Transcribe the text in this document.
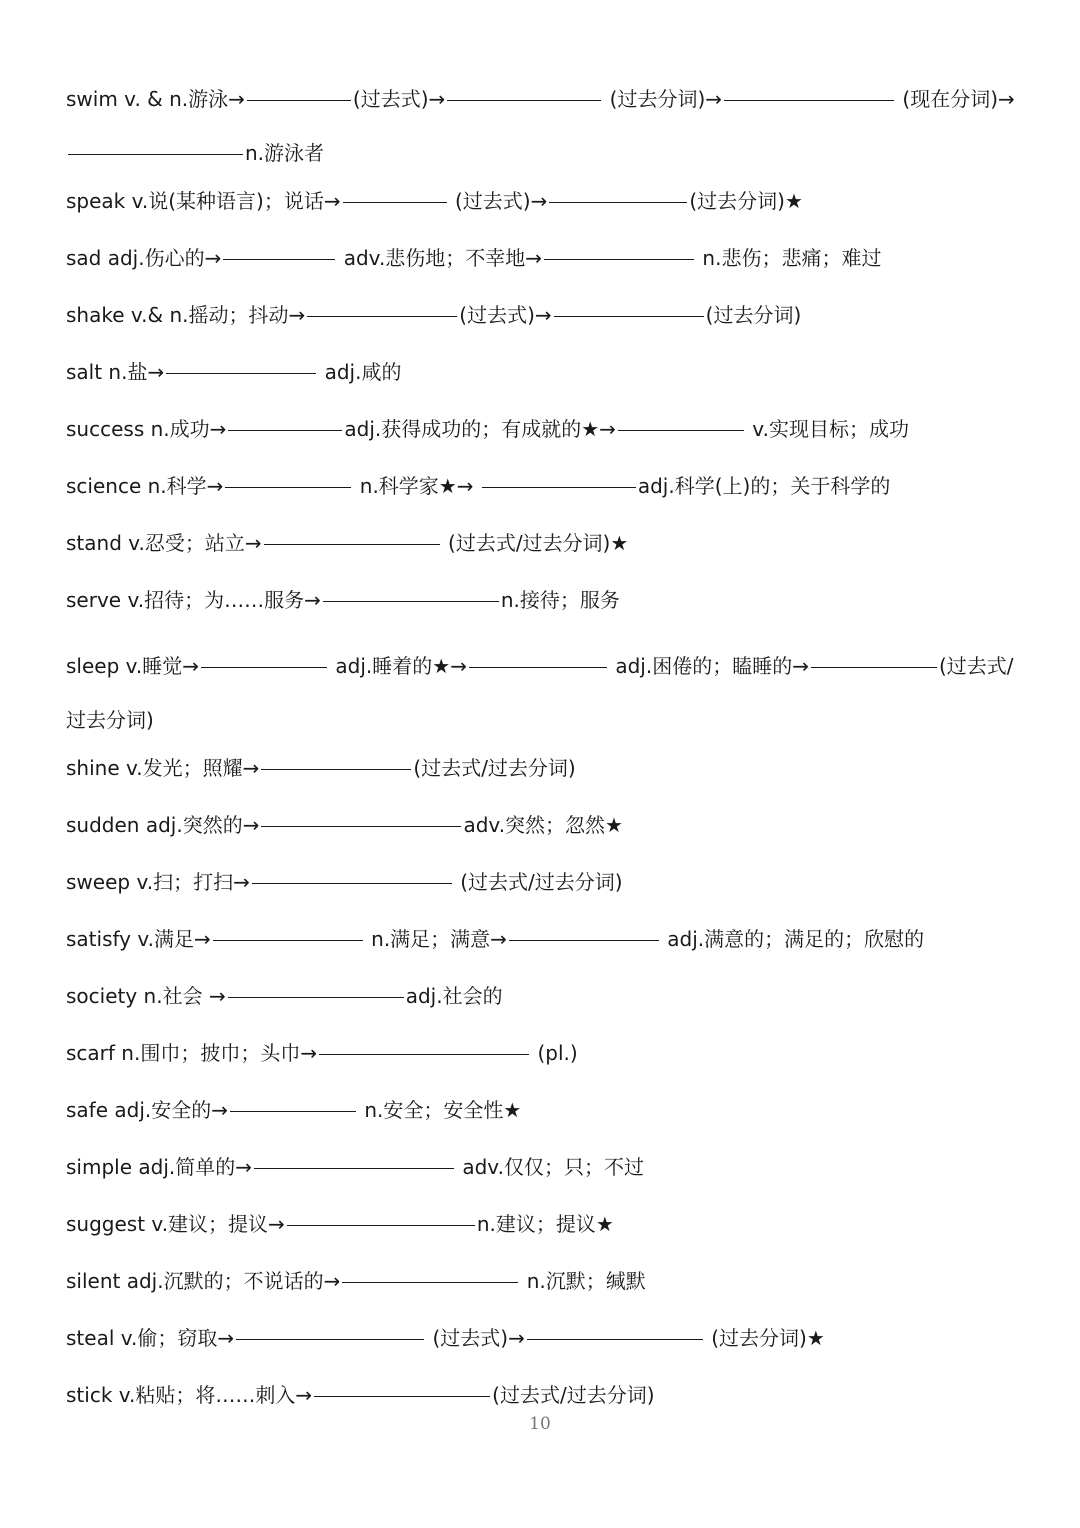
swim v. & n.游泳→	(过去式)→	(过去分词)→	(现在分词)→n.游泳者
speak v.说(某种语言)；说话→	(过去式)→	(过去分词)★
sad adj.伤心的→	adv.悲伤地；不幸地→	n.悲伤；悲痛；难过
shake v.& n.摇动；抖动→	(过去式)→	(过去分词)
salt n.盐→	adj.咸的
success n.成功→	adj.获得成功的；有成就的★→	v.实现目标；成功
science n.科学→	n.科学家★→	adj.科学(上)的；关于科学的
stand v.忍受；站立→	(过去式/过去分词)★
serve v.招待；为……服务→	n.接待；服务
sleep v.睡觉→	adj.睡着的★→	adj.困倦的；瞌睡的→	(过去式/过去分词)
shine v.发光；照耀→	(过去式/过去分词)
sudden adj.突然的→	adv.突然；忽然★
sweep v.扫；打扫→	(过去式/过去分词)
satisfy v.满足→	n.满足；满意→	adj.满意的；满足的；欣慰的
society n.社会 →	adj.社会的
scarf n.围巾；披巾；头巾→	(pl.)
safe adj.安全的→	n.安全；安全性★
simple adj.简单的→	adv.仅仅；只；不过
suggest v.建议；提议→	n.建议；提议★
silent adj.沉默的；不说话的→	n.沉默；缄默
steal v.偷；窃取→	(过去式)→	(过去分词)★
stick v.粘贴；将……刺入→	(过去式/过去分词)
10
